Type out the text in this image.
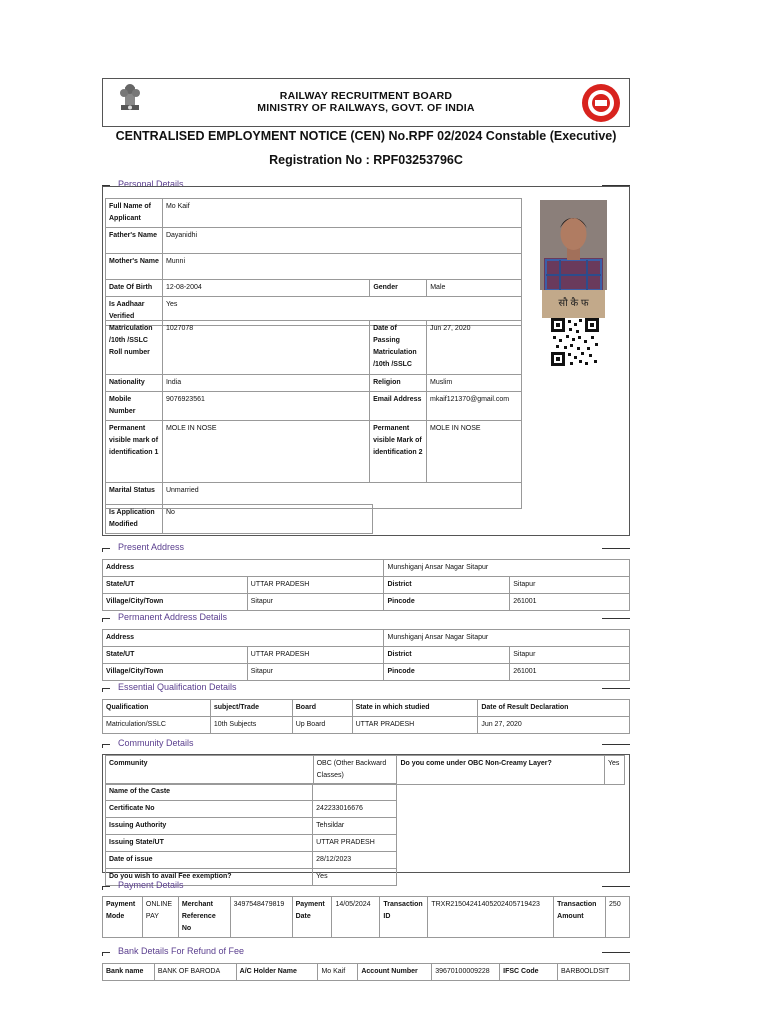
RAILWAY RECRUITMENT BOARD
MINISTRY OF RAILWAYS, GOVT. OF INDIA
CENTRALISED EMPLOYMENT NOTICE (CEN) No.RPF 02/2024 Constable (Executive)
Registration No : RPF03253796C
Personal Details
Full Name of Applicant	Mo Kaif		
Father's Name	Dayanidhi		
Mother's Name	Munni		
Date Of Birth	12-08-2004	Gender	Male
Is Aadhaar Verified	Yes		
Matriculation /10th /SSLC Roll number	1027078	Date of Passing Matriculation /10th /SSLC	Jun 27, 2020
Nationality	India	Religion	Muslim
Mobile Number	9076923561	Email Address	mkaif121370@gmail.com
Permanent visible mark of identification 1	MOLE IN NOSE	Permanent visible Mark of identification 2	MOLE IN NOSE
Marital Status	Unmarried		
Is Application Modified	No
सौ कै फ
Present Address
Address		Munshiganj Ansar Nagar Sitapur	
State/UT	UTTAR PRADESH	District	Sitapur
Village/City/Town	Sitapur	Pincode	261001
Permanent Address Details
Address		Munshiganj Ansar Nagar Sitapur	
State/UT	UTTAR PRADESH	District	Sitapur
Village/City/Town	Sitapur	Pincode	261001
Essential Qualification Details
Qualification	subject/Trade	Board	State in which studied	Date of Result Declaration
Matriculation/SSLC	10th Subjects	Up Board	UTTAR PRADESH	Jun 27, 2020
Community Details
Community	OBC (Other Backward Classes)	Do you come under OBC Non-Creamy Layer?	Yes
Name of the Caste	
Certificate No	242233016676
Issuing Authority	Tehsildar
Issuing State/UT	UTTAR PRADESH
Date of issue	28/12/2023
Do you wish to avail Fee exemption?	Yes
Payment Details
Payment Mode	ONLINE PAY	Merchant Reference No	3497548479819	Payment Date	14/05/2024	Transaction ID	TRXR21504241405202405719423	Transaction Amount	250
Bank Details For Refund of Fee
Bank name	BANK OF BARODA	A/C Holder Name	Mo Kaif	Account Number	39670100009228	IFSC Code	BARB0OLDSIT
